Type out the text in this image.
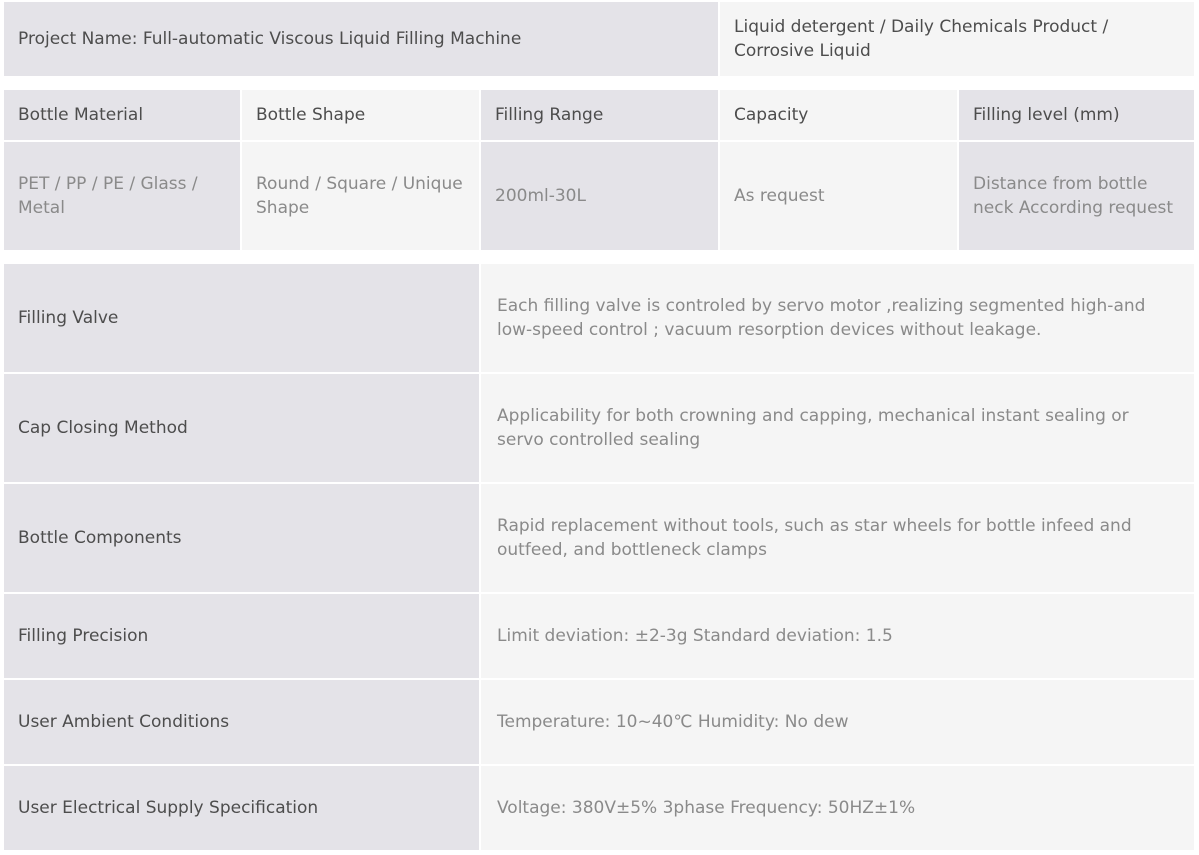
Project Name: Full-automatic Viscous Liquid Filling Machine	Liquid detergent / Daily Chemicals Product / Corrosive Liquid
Bottle Material	Bottle Shape	Filling Range	Capacity	Filling level (mm)
PET / PP / PE / Glass / Metal	Round / Square / Unique Shape	200ml-30L	As request	Distance from bottle neck According request
Filling Valve	Each filling valve is controled by servo motor ,realizing segmented high-and low-speed control ; vacuum resorption devices without leakage.
Cap Closing Method	Applicability for both crowning and capping, mechanical instant sealing or servo controlled sealing
Bottle Components	Rapid replacement without tools, such as star wheels for bottle infeed and outfeed, and bottleneck clamps
Filling Precision	Limit deviation: ±2-3g Standard deviation: 1.5
User Ambient Conditions	Temperature: 10~40℃ Humidity: No dew
User Electrical Supply Specification	Voltage: 380V±5% 3phase Frequency: 50HZ±1%
